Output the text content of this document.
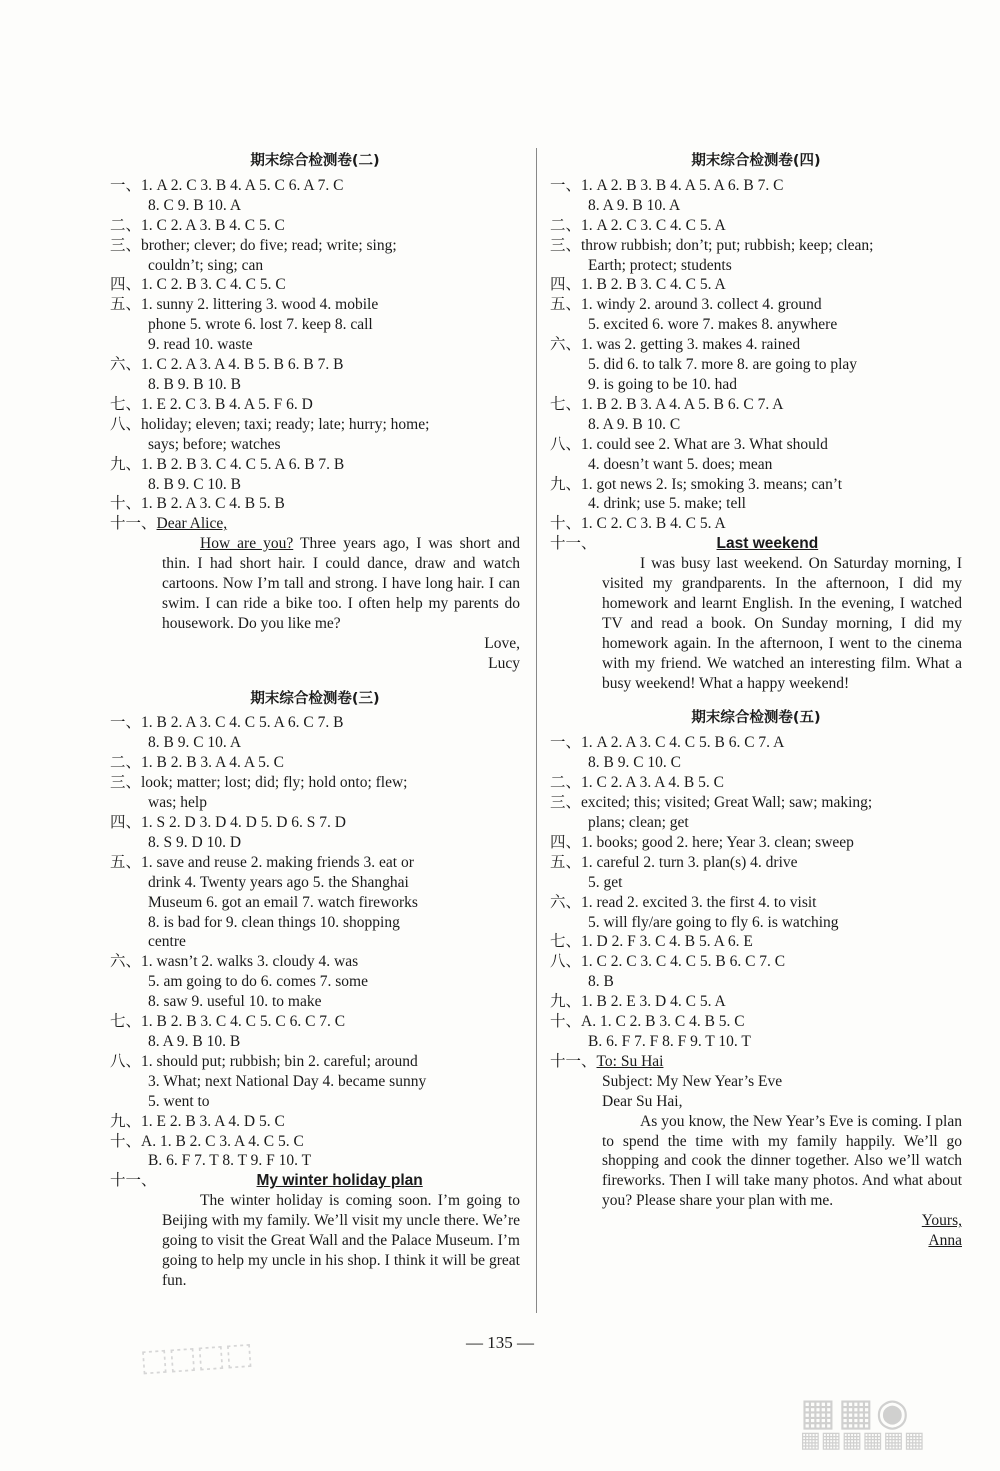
期末综合检测卷(二)
一、1. A 2. C 3. B 4. A 5. C 6. A 7. C
8. C 9. B 10. A
二、1. C 2. A 3. B 4. C 5. C
三、brother; clever; do five; read; write; sing;
couldn’t; sing; can
四、1. C 2. B 3. C 4. C 5. C
五、1. sunny 2. littering 3. wood 4. mobile
phone 5. wrote 6. lost 7. keep 8. call
9. read 10. waste
六、1. C 2. A 3. A 4. B 5. B 6. B 7. B
8. B 9. B 10. B
七、1. E 2. C 3. B 4. A 5. F 6. D
八、holiday; eleven; taxi; ready; late; hurry; home;
says; before; watches
九、1. B 2. B 3. C 4. C 5. A 6. B 7. B
8. B 9. C 10. B
十、1. B 2. A 3. C 4. B 5. B
十一、Dear Alice,
How are you? Three years ago, I was short and thin. I had short hair. I could dance, draw and watch cartoons. Now I’m tall and strong. I have long hair. I can swim. I can ride a bike too. I often help my parents do housework. Do you like me?
Love,
Lucy
期末综合检测卷(三)
一、1. B 2. A 3. C 4. C 5. A 6. C 7. B
8. B 9. C 10. A
二、1. B 2. B 3. A 4. A 5. C
三、look; matter; lost; did; fly; hold onto; flew;
was; help
四、1. S 2. D 3. D 4. D 5. D 6. S 7. D
8. S 9. D 10. D
五、1. save and reuse 2. making friends 3. eat or
drink 4. Twenty years ago 5. the Shanghai
Museum 6. got an email 7. watch fireworks
8. is bad for 9. clean things 10. shopping
centre
六、1. wasn’t 2. walks 3. cloudy 4. was
5. am going to do 6. comes 7. some
8. saw 9. useful 10. to make
七、1. B 2. B 3. C 4. C 5. C 6. C 7. C
8. A 9. B 10. B
八、1. should put; rubbish; bin 2. careful; around
3. What; next National Day 4. became sunny
5. went to
九、1. E 2. B 3. A 4. D 5. C
十、A. 1. B 2. C 3. A 4. C 5. C
B. 6. F 7. T 8. T 9. F 10. T
十一、	My winter holiday plan
The winter holiday is coming soon. I’m going to Beijing with my family. We’ll visit my uncle there. We’re going to visit the Great Wall and the Palace Museum. I’m going to help my uncle in his shop. I think it will be great fun.
期末综合检测卷(四)
一、1. A 2. B 3. B 4. A 5. A 6. B 7. C
8. A 9. B 10. A
二、1. A 2. C 3. C 4. C 5. A
三、throw rubbish; don’t; put; rubbish; keep; clean;
Earth; protect; students
四、1. B 2. B 3. C 4. C 5. A
五、1. windy 2. around 3. collect 4. ground
5. excited 6. wore 7. makes 8. anywhere
六、1. was 2. getting 3. makes 4. rained
5. did 6. to talk 7. more 8. are going to play
9. is going to be 10. had
七、1. B 2. B 3. A 4. A 5. B 6. C 7. A
8. A 9. B 10. C
八、1. could see 2. What are 3. What should
4. doesn’t want 5. does; mean
九、1. got news 2. Is; smoking 3. means; can’t
4. drink; use 5. make; tell
十、1. C 2. C 3. B 4. C 5. A
十一、	Last weekend
I was busy last weekend. On Saturday morning, I visited my grandparents. In the afternoon, I did my homework and learnt English. In the evening, I watched TV and read a book. On Sunday morning, I did my homework again. In the afternoon, I went to the cinema with my friend. We watched an interesting film. What a busy weekend! What a happy weekend!
期末综合检测卷(五)
一、1. A 2. A 3. C 4. C 5. B 6. C 7. A
8. B 9. C 10. C
二、1. C 2. A 3. A 4. B 5. C
三、excited; this; visited; Great Wall; saw; making;
plans; clean; get
四、1. books; good 2. here; Year 3. clean; sweep
五、1. careful 2. turn 3. plan(s) 4. drive
5. get
六、1. read 2. excited 3. the first 4. to visit
5. will fly/are going to fly 6. is watching
七、1. D 2. F 3. C 4. B 5. A 6. E
八、1. C 2. C 3. C 4. C 5. B 6. C 7. C
8. B
九、1. B 2. E 3. D 4. C 5. A
十、A. 1. C 2. B 3. C 4. B 5. C
B. 6. F 7. F 8. F 9. T 10. T
十一、To: Su Hai
Subject: My New Year’s Eve
Dear Su Hai,
As you know, the New Year’s Eve is coming. I plan to spend the time with my family happily. We’ll go shopping and cook the dinner together. Also we’ll watch fireworks. Then I will take many photos. And what about you? Please share your plan with me.
Yours,
Anna
— 135 —
⬚⬚⬚⬚
▦▦◉
▦▦▦▦▦▦
